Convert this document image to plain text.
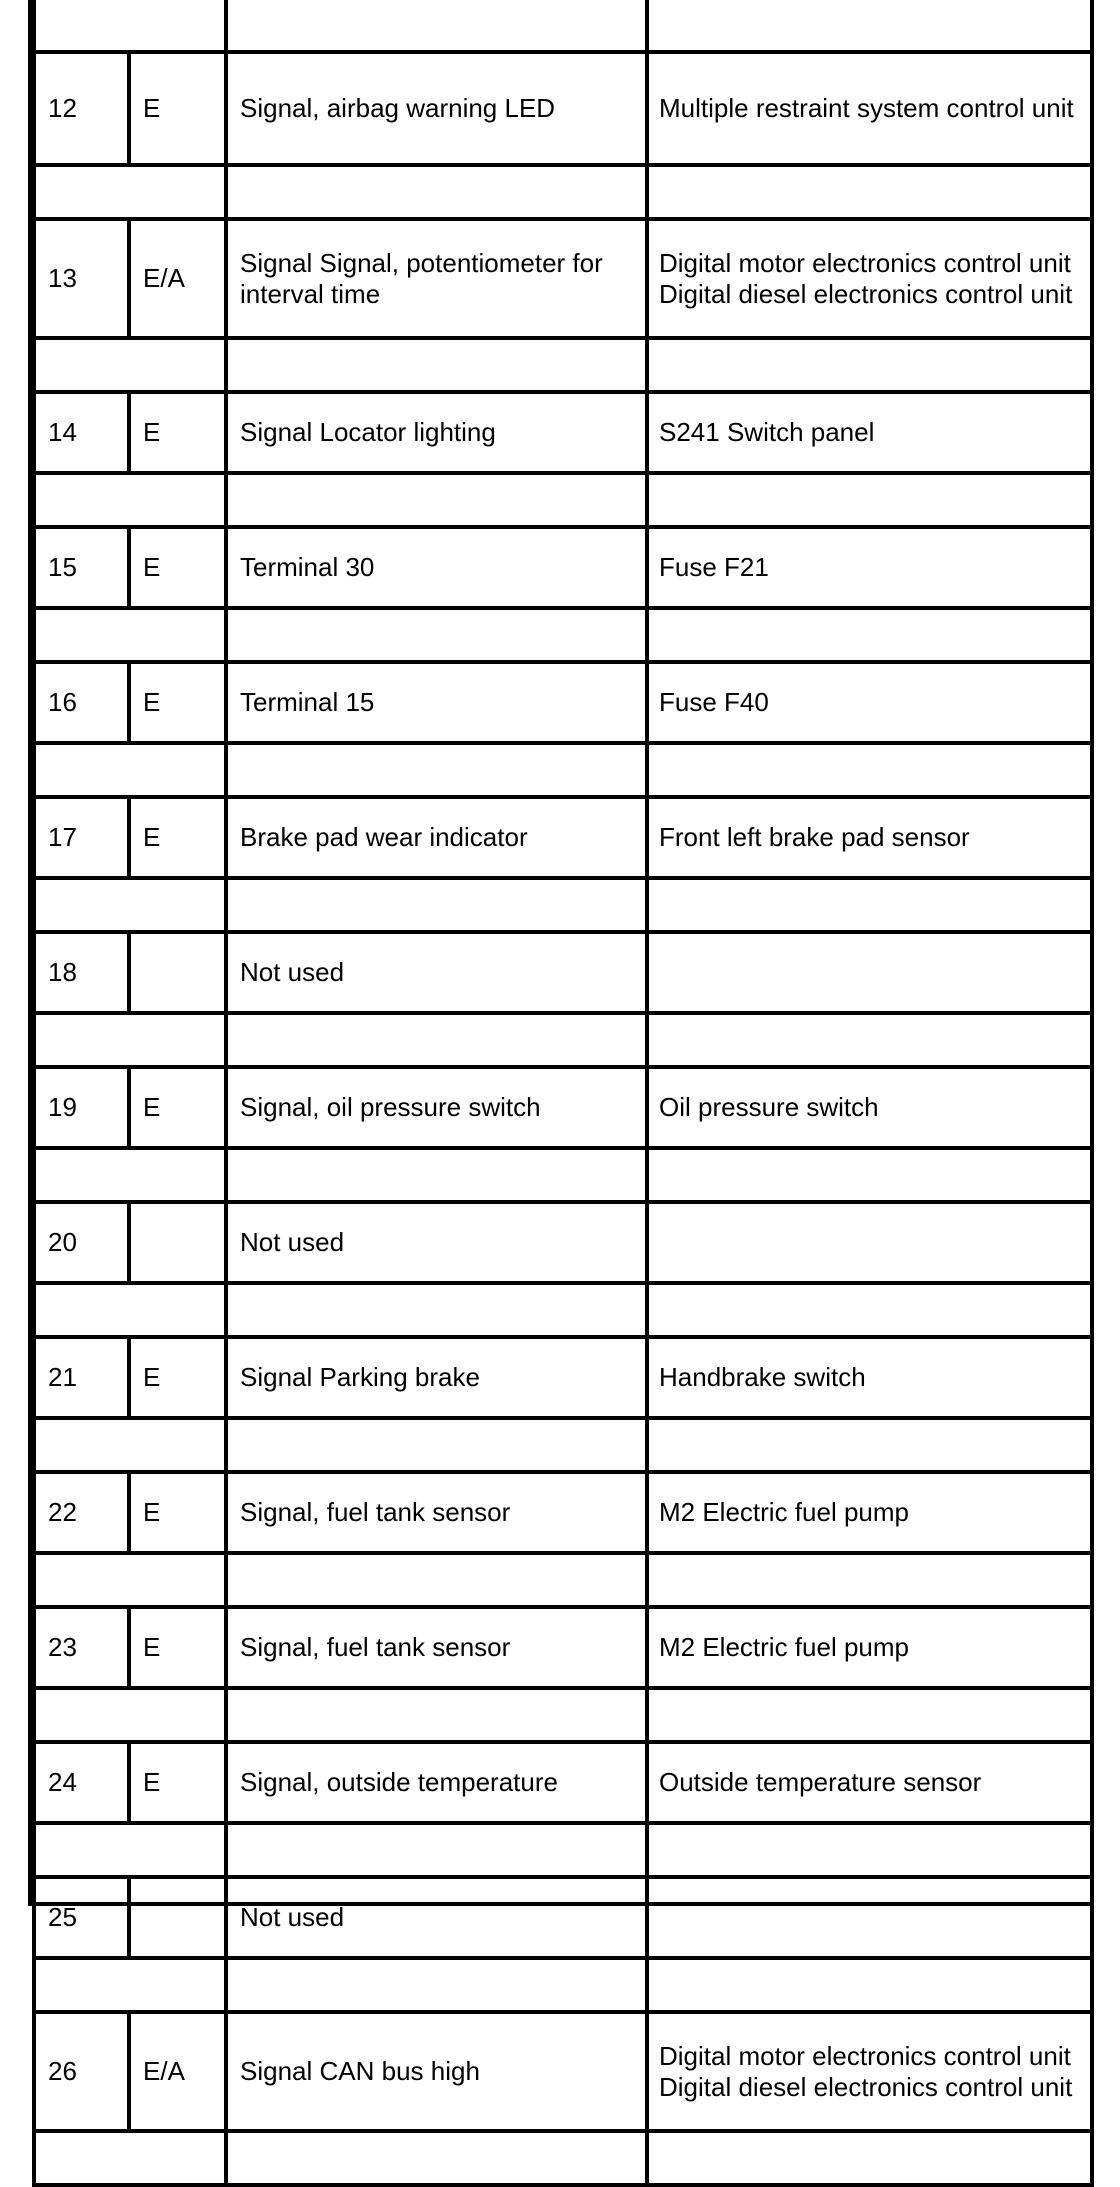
12	E	Signal, airbag warning LED	Multiple restraint system control unit

13	E/A	Signal Signal, potentiometer for interval time	Digital motor electronics control unit Digital diesel electronics control unit

14	E	Signal Locator lighting	S241 Switch panel

15	E	Terminal 30	Fuse F21

16	E	Terminal 15	Fuse F40

17	E	Brake pad wear indicator	Front left brake pad sensor

18		Not used	

19	E	Signal, oil pressure switch	Oil pressure switch

20		Not used	

21	E	Signal Parking brake	Handbrake switch

22	E	Signal, fuel tank sensor	M2 Electric fuel pump

23	E	Signal, fuel tank sensor	M2 Electric fuel pump

24	E	Signal, outside temperature	Outside temperature sensor

25		Not used	

26	E/A	Signal CAN bus high	Digital motor electronics control unit Digital diesel electronics control unit
